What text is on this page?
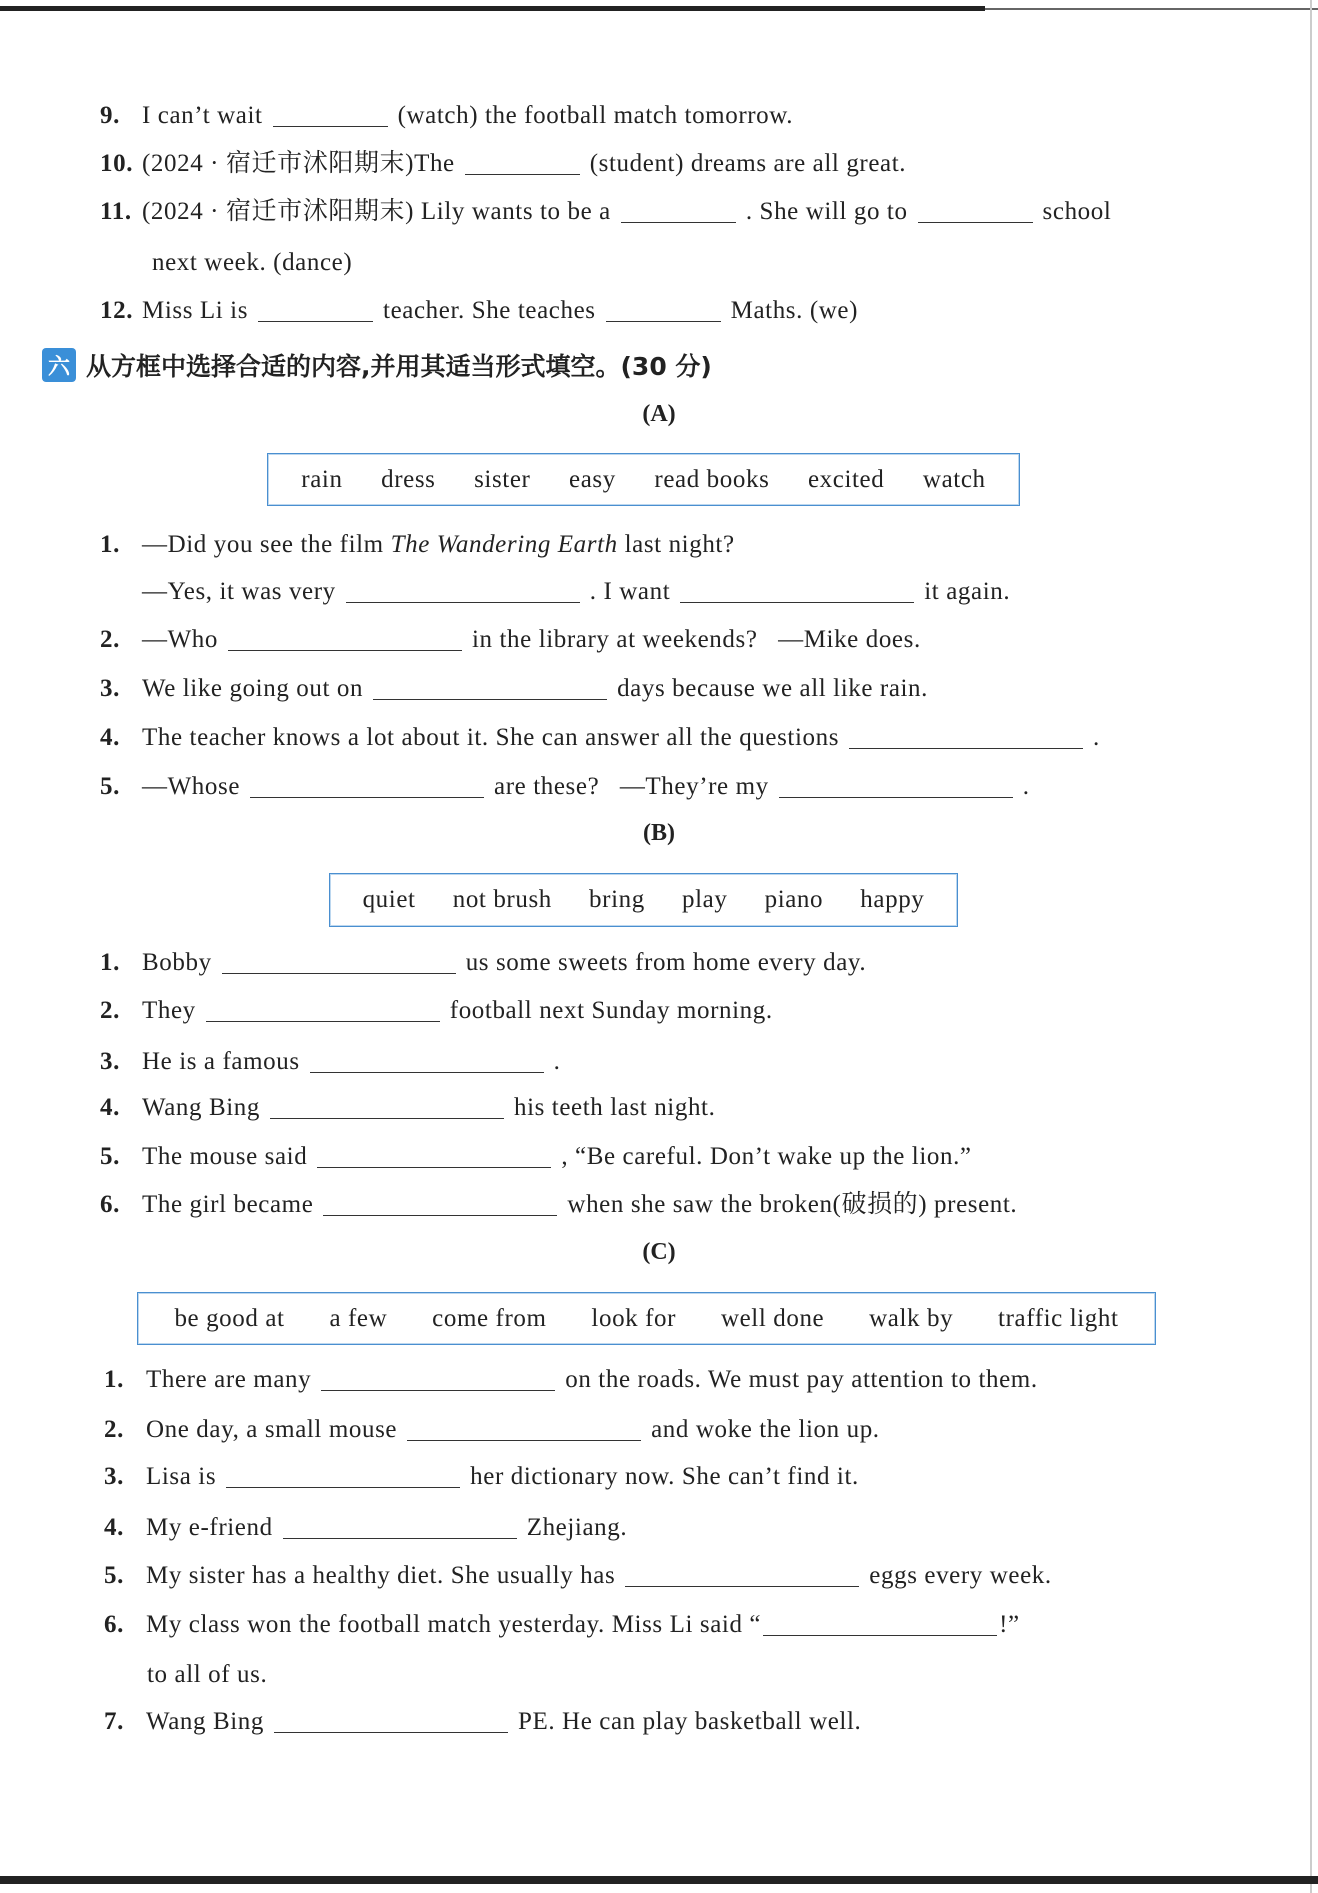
9. I can’t wait	(watch) the football match tomorrow.
10. (2024 · 宿迁市沭阳期末)The	(student) dreams are all great.
11. (2024 · 宿迁市沭阳期末) Lily wants to be a	. She will go to	school
next week. (dance)
12. Miss Li is	teacher. She teaches	Maths. (we)
六 从方框中选择合适的内容,并用其适当形式填空。(30 分)
(A)
rain dress sister easy read books excited watch
1. —Did you see the film The Wandering Earth last night?
—Yes, it was very	. I want	it again.
2. —Who	in the library at weekends? —Mike does.
3. We like going out on	days because we all like rain.
4. The teacher knows a lot about it. She can answer all the questions	.
5. —Whose	are these? —They’re my	.
(B)
quiet not brush bring play piano happy
1. Bobby	us some sweets from home every day.
2. They	football next Sunday morning.
3. He is a famous	.
4. Wang Bing	his teeth last night.
5. The mouse said	, “Be careful. Don’t wake up the lion.”
6. The girl became	when she saw the broken(破损的) present.
(C)
be good at a few come from look for well done walk by traffic light
1. There are many	on the roads. We must pay attention to them.
2. One day, a small mouse	and woke the lion up.
3. Lisa is	her dictionary now. She can’t find it.
4. My e-friend	Zhejiang.
5. My sister has a healthy diet. She usually has	eggs every week.
6. My class won the football match yesterday. Miss Li said “	!”
to all of us.
7. Wang Bing	PE. He can play basketball well.
